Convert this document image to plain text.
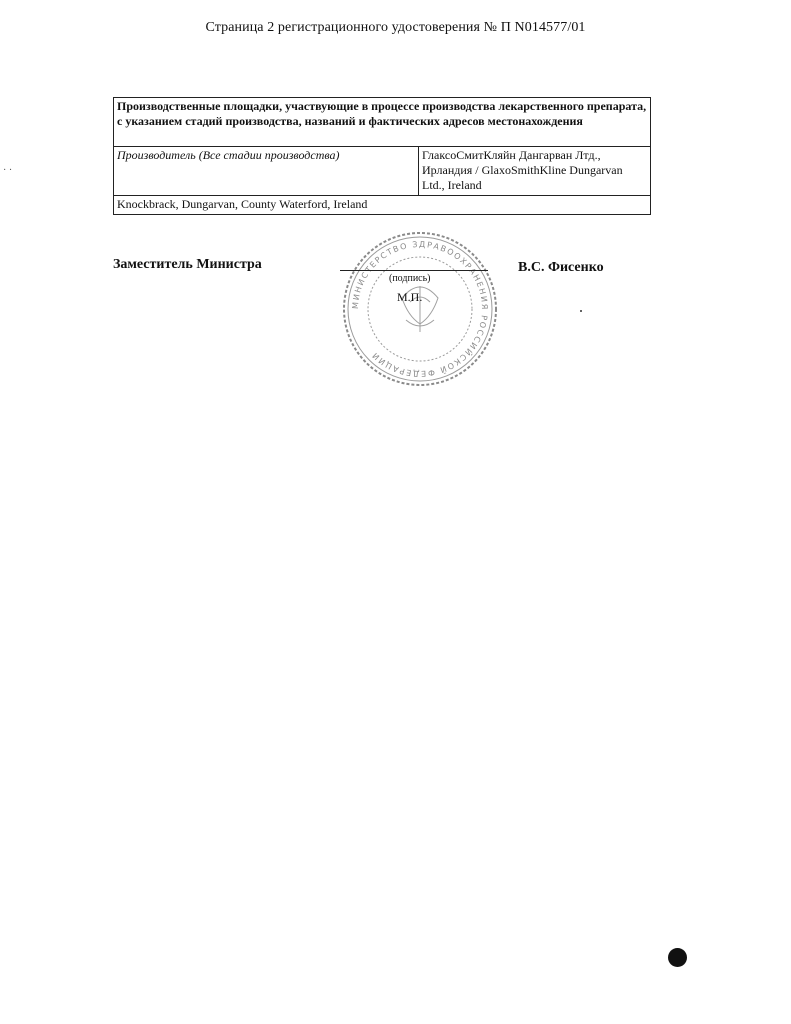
Страница 2 регистрационного удостоверения № П N014577/01
· ·
Производственные площадки, участвующие в процессе производства лекарственного препарата, с указанием стадий производства, названий и фактических адресов местонахождения
Производитель (Все стадии производства)	ГлаксоСмитКляйн Дангарван Лтд., Ирландия / GlaxoSmithKline Dungarvan Ltd., Ireland
Knockbrack, Dungarvan, County Waterford, Ireland
Заместитель Министра
МИНИСТЕРСТВО ЗДРАВООХРАНЕНИЯ РОССИЙСКОЙ ФЕДЕРАЦИИ
(подпись)
М.П.
В.С. Фисенко
